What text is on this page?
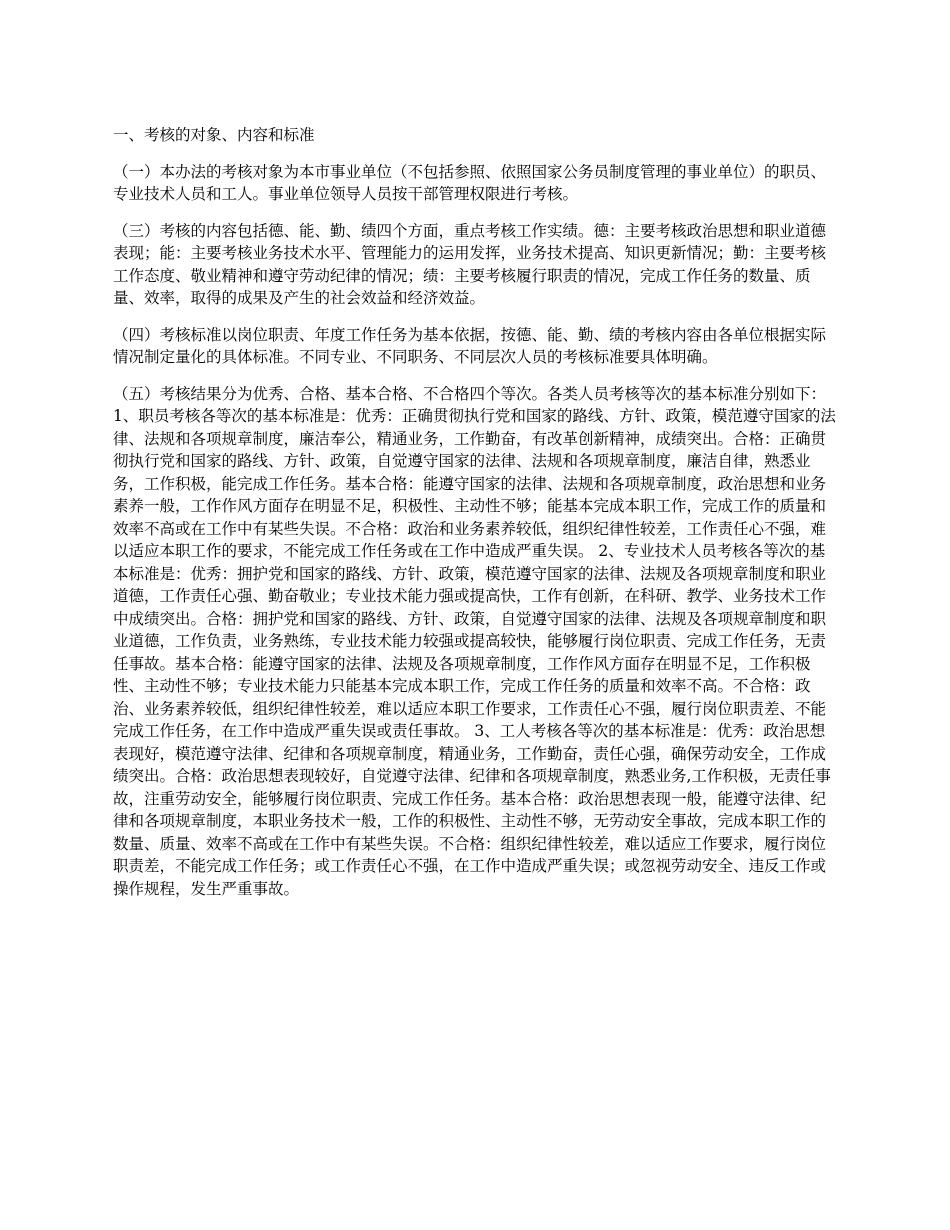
一、考核的对象、内容和标准

（一）本办法的考核对象为本市事业单位（不包括参照、依照国家公务员制度管理的事业单位）的职员、专业技术人员和工人。事业单位领导人员按干部管理权限进行考核。

（三）考核的内容包括德、能、勤、绩四个方面，重点考核工作实绩。德：主要考核政治思想和职业道德表现；能：主要考核业务技术水平、管理能力的运用发挥，业务技术提高、知识更新情况；勤：主要考核工作态度、敬业精神和遵守劳动纪律的情况；绩：主要考核履行职责的情况，完成工作任务的数量、质量、效率，取得的成果及产生的社会效益和经济效益。

（四）考核标准以岗位职责、年度工作任务为基本依据，按德、能、勤、绩的考核内容由各单位根据实际情况制定量化的具体标准。不同专业、不同职务、不同层次人员的考核标准要具体明确。

（五）考核结果分为优秀、合格、基本合格、不合格四个等次。各类人员考核等次的基本标准分别如下： 1、职员考核各等次的基本标准是：优秀：正确贯彻执行党和国家的路线、方针、政策，模范遵守国家的法律、法规和各项规章制度，廉洁奉公，精通业务，工作勤奋，有改革创新精神，成绩突出。合格：正确贯彻执行党和国家的路线、方针、政策，自觉遵守国家的法律、法规和各项规章制度，廉洁自律，熟悉业务，工作积极，能完成工作任务。基本合格：能遵守国家的法律、法规和各项规章制度，政治思想和业务素养一般，工作作风方面存在明显不足，积极性、主动性不够；能基本完成本职工作，完成工作的质量和效率不高或在工作中有某些失误。不合格：政治和业务素养较低，组织纪律性较差，工作责任心不强，难以适应本职工作的要求，不能完成工作任务或在工作中造成严重失误。 2、专业技术人员考核各等次的基本标准是：优秀：拥护党和国家的路线、方针、政策，模范遵守国家的法律、法规及各项规章制度和职业道德，工作责任心强、勤奋敬业；专业技术能力强或提高快，工作有创新，在科研、教学、业务技术工作中成绩突出。合格：拥护党和国家的路线、方针、政策，自觉遵守国家的法律、法规及各项规章制度和职业道德，工作负责，业务熟练，专业技术能力较强或提高较快，能够履行岗位职责、完成工作任务，无责任事故。基本合格：能遵守国家的法律、法规及各项规章制度，工作作风方面存在明显不足，工作积极性、主动性不够；专业技术能力只能基本完成本职工作，完成工作任务的质量和效率不高。不合格：政治、业务素养较低，组织纪律性较差，难以适应本职工作要求，工作责任心不强，履行岗位职责差、不能完成工作任务，在工作中造成严重失误或责任事故。 3、工人考核各等次的基本标准是：优秀：政治思想表现好，模范遵守法律、纪律和各项规章制度，精通业务，工作勤奋，责任心强，确保劳动安全，工作成绩突出。合格：政治思想表现较好，自觉遵守法律、纪律和各项规章制度，熟悉业务,工作积极，无责任事故，注重劳动安全，能够履行岗位职责、完成工作任务。基本合格：政治思想表现一般，能遵守法律、纪律和各项规章制度，本职业务技术一般，工作的积极性、主动性不够，无劳动安全事故，完成本职工作的数量、质量、效率不高或在工作中有某些失误。不合格：组织纪律性较差，难以适应工作要求，履行岗位职责差，不能完成工作任务；或工作责任心不强，在工作中造成严重失误；或忽视劳动安全、违反工作或操作规程，发生严重事故。
